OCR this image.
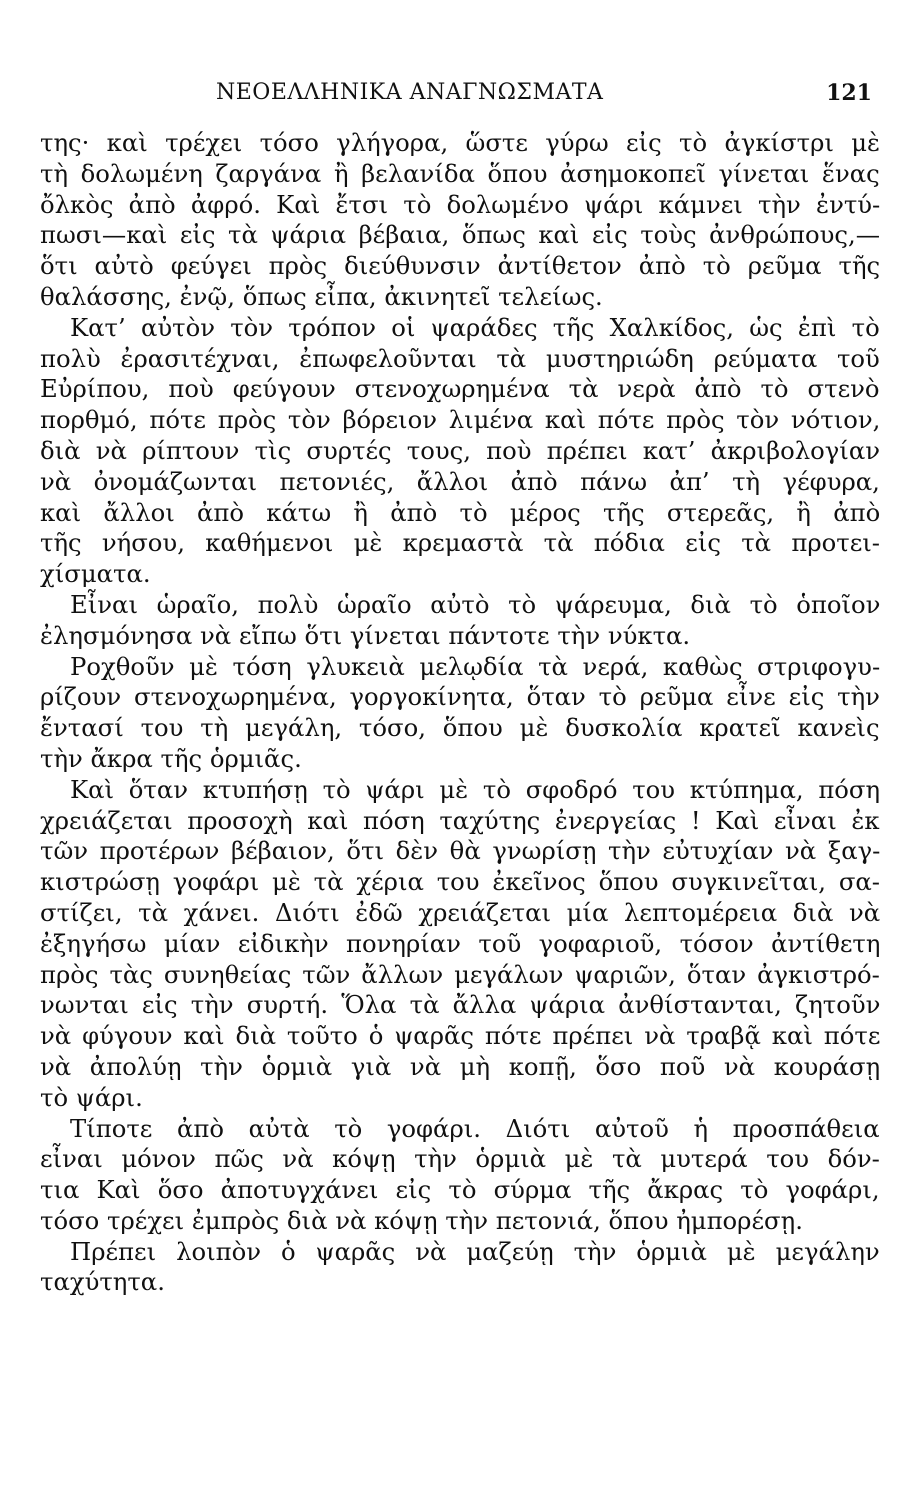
ΝΕΟΕΛΛΗΝΙΚΑ ΑΝΑΓΝΩΣΜΑΤΑ	121
της· καὶ τρέχει τόσο γλήγορα, ὥστε γύρω εἰς τὸ ἀγκίστρι μὲ
τὴ δολωμένη ζαργάνα ἢ βελανίδα ὅπου ἀσημοκοπεῖ γίνεται ἕνας
ὄλκὸς ἀπὸ ἀφρό. Καὶ ἔτσι τὸ δολωμένο ψάρι κάμνει τὴν ἐντύ-
πωσι—καὶ εἰς τὰ ψάρια βέβαια, ὅπως καὶ εἰς τοὺς ἀνθρώπους,—
ὅτι αὐτὸ φεύγει πρὸς διεύθυνσιν ἀντίθετον ἀπὸ τὸ ρεῦμα τῆς
θαλάσσης, ἐνῷ, ὅπως εἶπα, ἀκινητεῖ τελείως.
Κατ’ αὐτὸν τὸν τρόπον οἱ ψαράδες τῆς Χαλκίδος, ὡς ἐπὶ τὸ
πολὺ ἐρασιτέχναι, ἐπωφελοῦνται τὰ μυστηριώδη ρεύματα τοῦ
Εὐρίπου, ποὺ φεύγουν στενοχωρημένα τὰ νερὰ ἀπὸ τὸ στενὸ
πορθμό, πότε πρὸς τὸν βόρειον λιμένα καὶ πότε πρὸς τὸν νότιον,
διὰ νὰ ρίπτουν τὶς συρτές τους, ποὺ πρέπει κατ’ ἀκριβολογίαν
νὰ ὀνομάζωνται πετονιές, ἄλλοι ἀπὸ πάνω ἀπ’ τὴ γέφυρα,
καὶ ἄλλοι ἀπὸ κάτω ἢ ἀπὸ τὸ μέρος τῆς στερεᾶς, ἢ ἀπὸ
τῆς νήσου, καθήμενοι μὲ κρεμαστὰ τὰ πόδια εἰς τὰ προτει-
χίσματα.
Εἶναι ὡραῖο, πολὺ ὡραῖο αὐτὸ τὸ ψάρευμα, διὰ τὸ ὁποῖον
ἐλησμόνησα νὰ εἴπω ὅτι γίνεται πάντοτε τὴν νύκτα.
Ροχθοῦν μὲ τόση γλυκειὰ μελῳδία τὰ νερά, καθὼς στριφογυ-
ρίζουν στενοχωρημένα, γοργοκίνητα, ὅταν τὸ ρεῦμα εἶνε εἰς τὴν
ἔντασί του τὴ μεγάλη, τόσο, ὅπου μὲ δυσκολία κρατεῖ κανεὶς
τὴν ἄκρα τῆς ὁρμιᾶς.
Καὶ ὅταν κτυπήσῃ τὸ ψάρι μὲ τὸ σφοδρό του κτύπημα, πόση
χρειάζεται προσοχὴ καὶ πόση ταχύτης ἐνεργείας ! Καὶ εἶναι ἐκ
τῶν προτέρων βέβαιον, ὅτι δὲν θὰ γνωρίσῃ τὴν εὐτυχίαν νὰ ξαγ-
κιστρώσῃ γοφάρι μὲ τὰ χέρια του ἐκεῖνος ὅπου συγκινεῖται, σα-
στίζει, τὰ χάνει. Διότι ἐδῶ χρειάζεται μία λεπτομέρεια διὰ νὰ
ἐξηγήσω μίαν εἰδικὴν πονηρίαν τοῦ γοφαριοῦ, τόσον ἀντίθετη
πρὸς τὰς συνηθείας τῶν ἄλλων μεγάλων ψαριῶν, ὅταν ἀγκιστρό-
νωνται εἰς τὴν συρτή. Ὅλα τὰ ἄλλα ψάρια ἀνθίστανται, ζητοῦν
νὰ φύγουν καὶ διὰ τοῦτο ὁ ψαρᾶς πότε πρέπει νὰ τραβᾷ καὶ πότε
νὰ ἀπολύῃ τὴν ὁρμιὰ γιὰ νὰ μὴ κοπῇ, ὅσο ποῦ νὰ κουράσῃ
τὸ ψάρι.
Τίποτε ἀπὸ αὐτὰ τὸ γοφάρι. Διότι αὐτοῦ ἡ προσπάθεια
εἶναι μόνον πῶς νὰ κόψῃ τὴν ὁρμιὰ μὲ τὰ μυτερά του δόν-
τια Καὶ ὅσο ἀποτυγχάνει εἰς τὸ σύρμα τῆς ἄκρας τὸ γοφάρι,
τόσο τρέχει ἐμπρὸς διὰ νὰ κόψῃ τὴν πετονιά, ὅπου ἠμπορέσῃ.
Πρέπει λοιπὸν ὁ ψαρᾶς νὰ μαζεύῃ τὴν ὁρμιὰ μὲ μεγάλην
ταχύτητα.
